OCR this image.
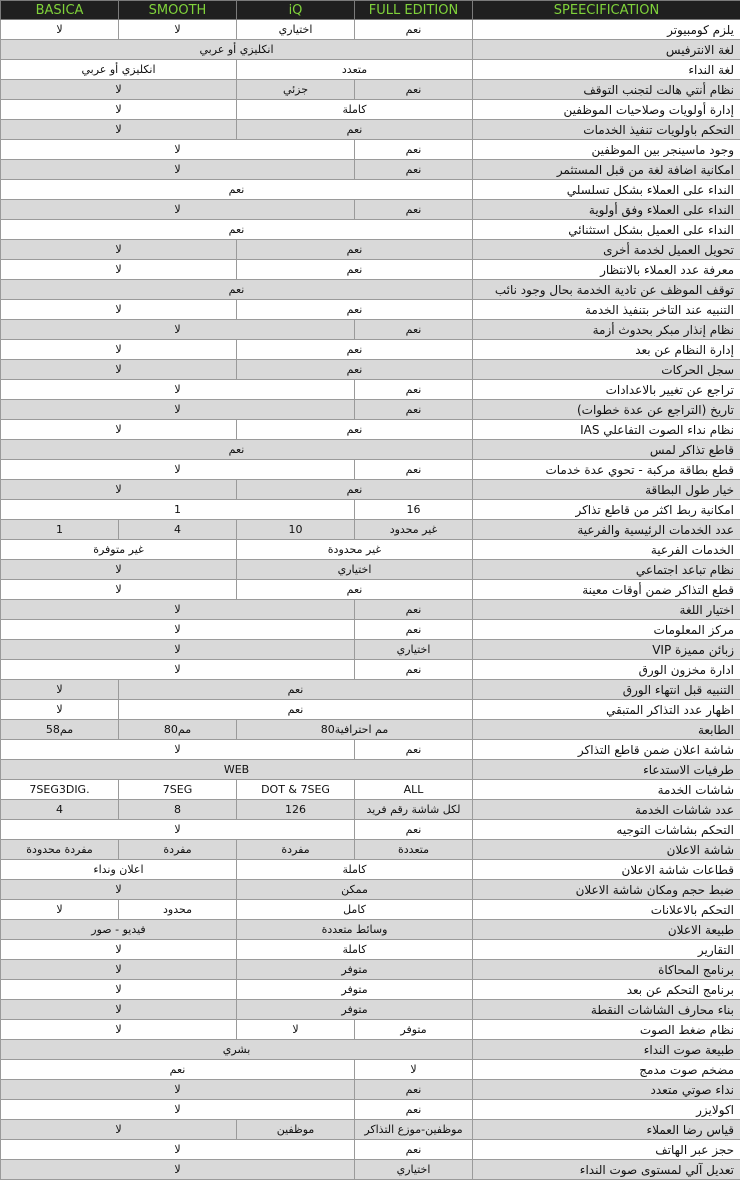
BASICA	SMOOTH	iQ	FULL EDITION	SPEECIFICATION
لا	لا	اختياري	نعم	يلزم كومبيوتر
انكليزي أو عربي				لغة الانترفيس
انكليزي أو عربي		متعدد		لغة النداء
لا		جزئي	نعم	نظام أنتي هالت لتجنب التوقف
لا		كاملة		إدارة أولويات وصلاحيات الموظفين
لا		نعم		التحكم باولويات تنفيذ الخدمات
لا			نعم	وجود ماسينجر بين الموظفين
لا			نعم	امكانية اضافة لغة من قبل المستثمر
نعم				النداء على العملاء بشكل تسلسلي
لا			نعم	النداء على العملاء وفق أولوية
نعم				النداء على العميل بشكل استثنائي
لا		نعم		تحويل العميل لخدمة أخرى
لا		نعم		معرفة عدد العملاء بالانتظار
نعم				توقف الموظف عن تادية الخدمة بحال وجود نائب
لا		نعم		التنبيه عند التاخر بتنفيذ الخدمة
لا			نعم	نظام إنذار مبكر بحدوث أزمة
لا		نعم		إدارة النظام عن بعد
لا		نعم		سجل الحركات
لا			نعم	تراجع عن تغيير بالاعدادات
لا			نعم	تاريخ (التراجع عن عدة خطوات)
لا		نعم		نظام نداء الصوت التفاعلي IAS
نعم				قاطع تذاكر لمس
لا			نعم	قطع بطاقة مركبة - تحوي عدة خدمات
لا		نعم		خيار طول البطاقة
1			16	امكانية ربط اكثر من قاطع تذاكر
1	4	10	غير محدود	عدد الخدمات الرئيسية والفرعية
غير متوفرة		غير محدودة		الخدمات الفرعية
لا		اختياري		نظام تباعد اجتماعي
لا		نعم		قطع التذاكر ضمن أوقات معينة
لا			نعم	اختيار اللغة
لا			نعم	مركز المعلومات
لا			اختياري	زبائن مميزة VIP
لا			نعم	ادارة مخزون الورق
لا	نعم			التنبيه قبل انتهاء الورق
لا	نعم			اظهار عدد التذاكر المتبقي
58مم	80مم	80مم احترافية		الطابعة
لا			نعم	شاشة اعلان ضمن قاطع التذاكر
WEB				طرفيات الاستدعاء
7SEG3DIG.	7SEG	DOT & 7SEG	ALL	شاشات الخدمة
4	8	126	لكل شاشة رقم فريد	عدد شاشات الخدمة
لا			نعم	التحكم بشاشات التوجيه
مفردة محدودة	مفردة	مفردة	متعددة	شاشة الاعلان
اعلان ونداء		كاملة		قطاعات شاشة الاعلان
لا		ممكن		ضبط حجم ومكان شاشة الاعلان
لا	محدود	كامل		التحكم بالاعلانات
فيديو - صور		وسائط متعددة		طبيعة الاعلان
لا		كاملة		التقارير
لا		متوفر		برنامج المحاكاة
لا		متوفر		برنامج التحكم عن بعد
لا		متوفر		بناء محارف الشاشات النقطة
لا		لا	متوفر	نظام ضغط الصوت
بشري				طبيعة صوت النداء
نعم			لا	مضخم صوت مدمج
لا			نعم	نداء صوتي متعدد
لا			نعم	اكولايزر
لا		موظفين	موظفين-موزع التذاكر	قياس رضا العملاء
لا			نعم	حجز عبر الهاتف
لا			اختياري	تعديل آلي لمستوى صوت النداء
